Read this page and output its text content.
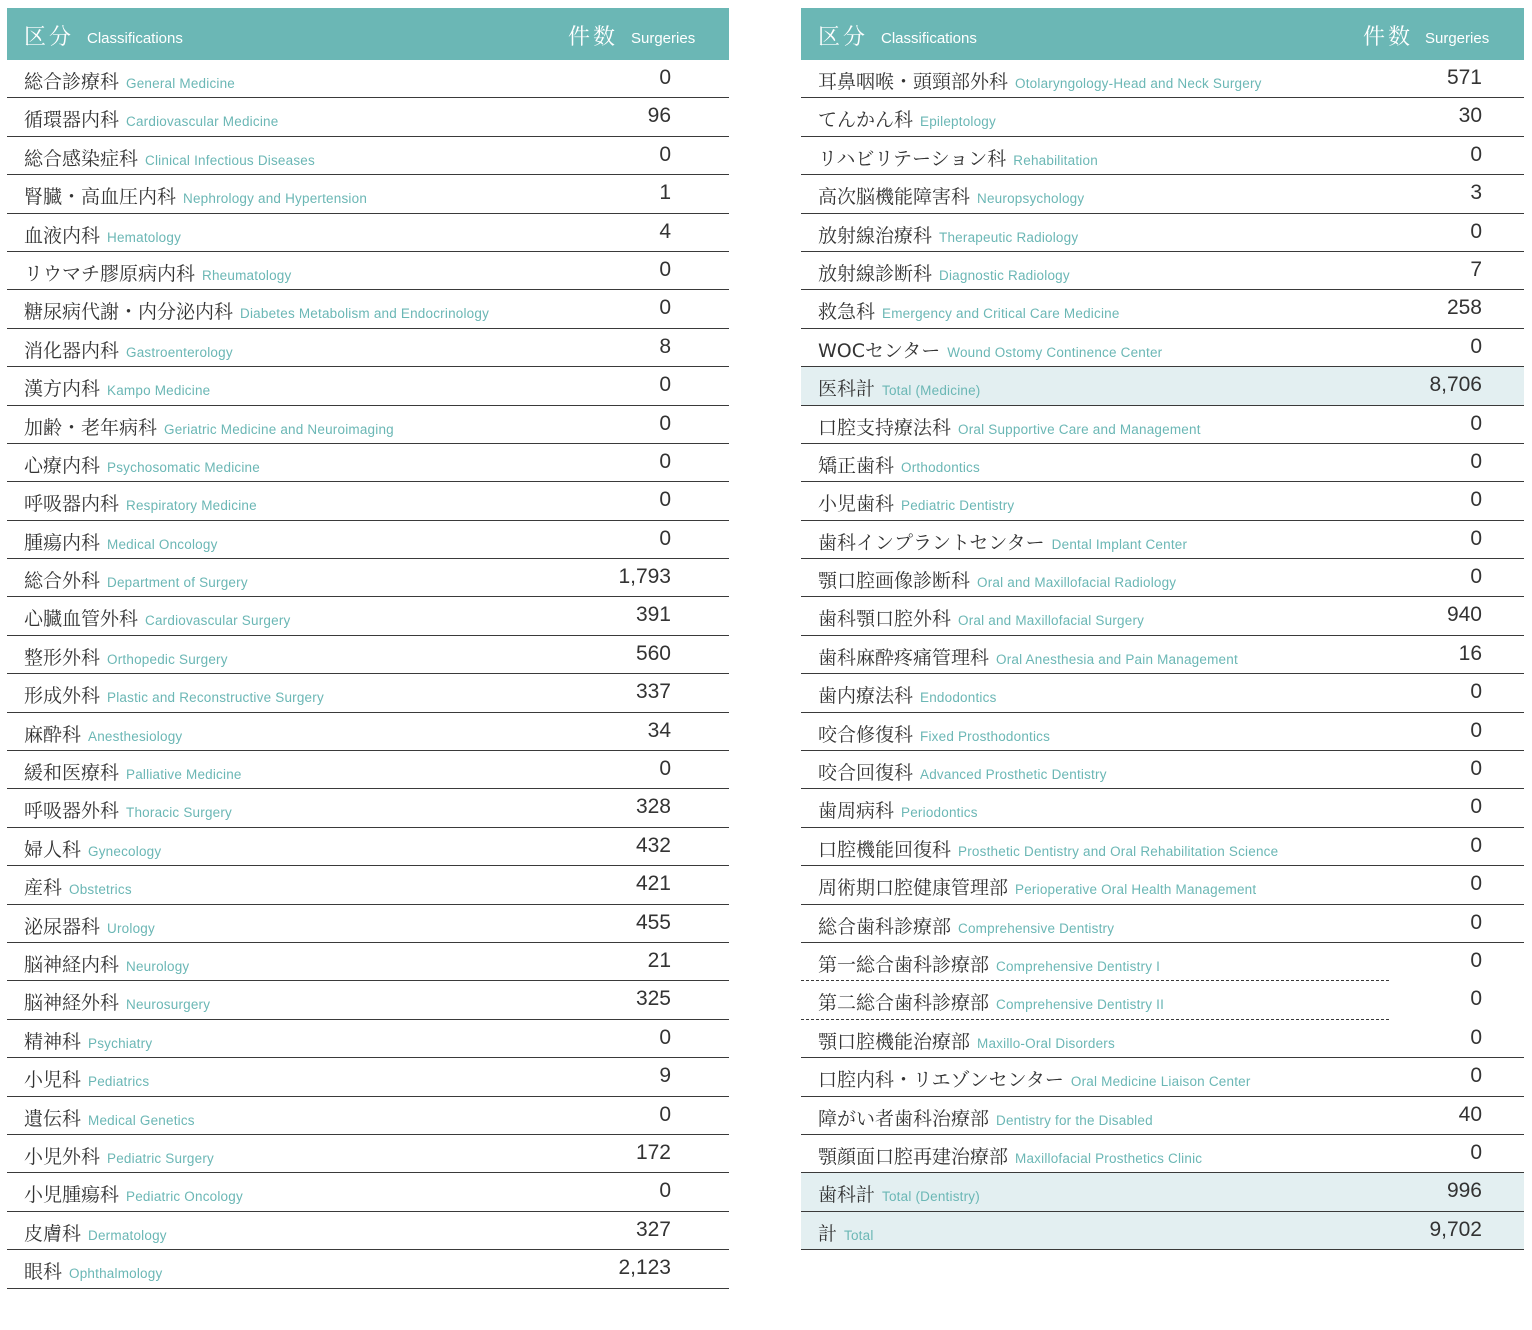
区分 Classifications	件数 Surgeries
総合診療科 General Medicine	0
循環器内科 Cardiovascular Medicine	96
総合感染症科 Clinical Infectious Diseases	0
腎臓・高血圧内科 Nephrology and Hypertension	1
血液内科 Hematology	4
リウマチ膠原病内科 Rheumatology	0
糖尿病代謝・内分泌内科 Diabetes Metabolism and Endocrinology	0
消化器内科 Gastroenterology	8
漢方内科 Kampo Medicine	0
加齢・老年病科 Geriatric Medicine and Neuroimaging	0
心療内科 Psychosomatic Medicine	0
呼吸器内科 Respiratory Medicine	0
腫瘍内科 Medical Oncology	0
総合外科 Department of Surgery	1,793
心臓血管外科 Cardiovascular Surgery	391
整形外科 Orthopedic Surgery	560
形成外科 Plastic and Reconstructive Surgery	337
麻酔科 Anesthesiology	34
緩和医療科 Palliative Medicine	0
呼吸器外科 Thoracic Surgery	328
婦人科 Gynecology	432
産科 Obstetrics	421
泌尿器科 Urology	455
脳神経内科 Neurology	21
脳神経外科 Neurosurgery	325
精神科 Psychiatry	0
小児科 Pediatrics	9
遺伝科 Medical Genetics	0
小児外科 Pediatric Surgery	172
小児腫瘍科 Pediatric Oncology	0
皮膚科 Dermatology	327
眼科 Ophthalmology	2,123
区分 Classifications	件数 Surgeries
耳鼻咽喉・頭頸部外科 Otolaryngology-Head and Neck Surgery	571
てんかん科 Epileptology	30
リハビリテーション科 Rehabilitation	0
高次脳機能障害科 Neuropsychology	3
放射線治療科 Therapeutic Radiology	0
放射線診断科 Diagnostic Radiology	7
救急科 Emergency and Critical Care Medicine	258
WOCセンター Wound Ostomy Continence Center	0
医科計 Total (Medicine)	8,706
口腔支持療法科 Oral Supportive Care and Management	0
矯正歯科 Orthodontics	0
小児歯科 Pediatric Dentistry	0
歯科インプラントセンター Dental Implant Center	0
顎口腔画像診断科 Oral and Maxillofacial Radiology	0
歯科顎口腔外科 Oral and Maxillofacial Surgery	940
歯科麻酔疼痛管理科 Oral Anesthesia and Pain Management	16
歯内療法科 Endodontics	0
咬合修復科 Fixed Prosthodontics	0
咬合回復科 Advanced Prosthetic Dentistry	0
歯周病科 Periodontics	0
口腔機能回復科 Prosthetic Dentistry and Oral Rehabilitation Science	0
周術期口腔健康管理部 Perioperative Oral Health Management	0
総合歯科診療部 Comprehensive Dentistry	0
第一総合歯科診療部 Comprehensive Dentistry I	0
第二総合歯科診療部 Comprehensive Dentistry II	0
顎口腔機能治療部 Maxillo-Oral Disorders	0
口腔内科・リエゾンセンター Oral Medicine Liaison Center	0
障がい者歯科治療部 Dentistry for the Disabled	40
顎顔面口腔再建治療部 Maxillofacial Prosthetics Clinic	0
歯科計 Total (Dentistry)	996
計 Total	9,702
